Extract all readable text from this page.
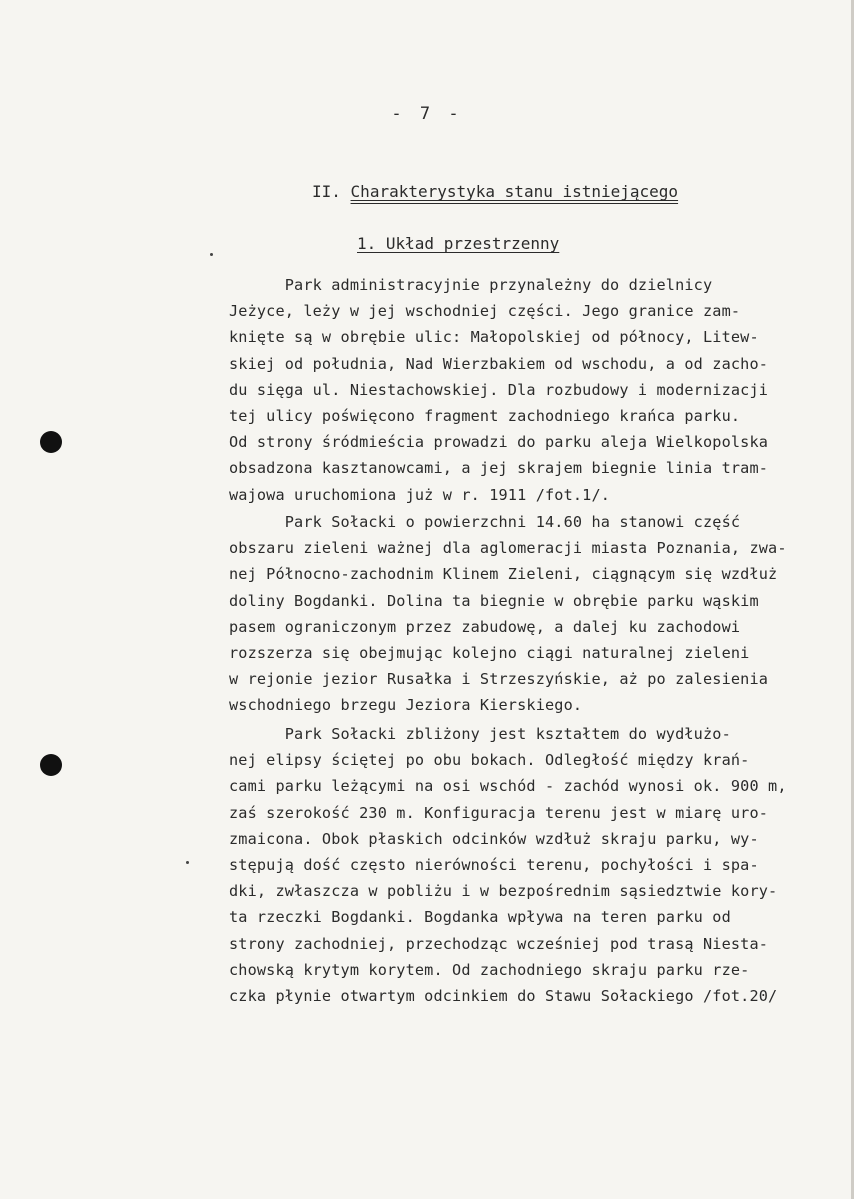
- 7 -
II. Charakterystyka stanu istniejącego
1. Układ przestrzenny
Park administracyjnie przynależny do dzielnicy
Jeżyce, leży w jej wschodniej części. Jego granice zam-
knięte są w obrębie ulic: Małopolskiej od północy, Litew-
skiej od południa, Nad Wierzbakiem od wschodu, a od zacho-
du sięga ul. Niestachowskiej. Dla rozbudowy i modernizacji
tej ulicy poświęcono fragment zachodniego krańca parku.
Od strony śródmieścia prowadzi do parku aleja Wielkopolska
obsadzona kasztanowcami, a jej skrajem biegnie linia tram-
wajowa uruchomiona już w r. 1911 /fot.1/.
Park Sołacki o powierzchni 14.60 ha stanowi część
obszaru zieleni ważnej dla aglomeracji miasta Poznania, zwa-
nej Północno-zachodnim Klinem Zieleni, ciągnącym się wzdłuż
doliny Bogdanki. Dolina ta biegnie w obrębie parku wąskim
pasem ograniczonym przez zabudowę, a dalej ku zachodowi
rozszerza się obejmując kolejno ciągi naturalnej zieleni
w rejonie jezior Rusałka i Strzeszyńskie, aż po zalesienia
wschodniego brzegu Jeziora Kierskiego.
Park Sołacki zbliżony jest kształtem do wydłużo-
nej elipsy ściętej po obu bokach. Odległość między krań-
cami parku leżącymi na osi wschód - zachód wynosi ok. 900 m,
zaś szerokość 230 m. Konfiguracja terenu jest w miarę uro-
zmaicona. Obok płaskich odcinków wzdłuż skraju parku, wy-
stępują dość często nierówności terenu, pochyłości i spa-
dki, zwłaszcza w pobliżu i w bezpośrednim sąsiedztwie kory-
ta rzeczki Bogdanki. Bogdanka wpływa na teren parku od
strony zachodniej, przechodząc wcześniej pod trasą Niesta-
chowską krytym korytem. Od zachodniego skraju parku rze-
czka płynie otwartym odcinkiem do Stawu Sołackiego /fot.20/
